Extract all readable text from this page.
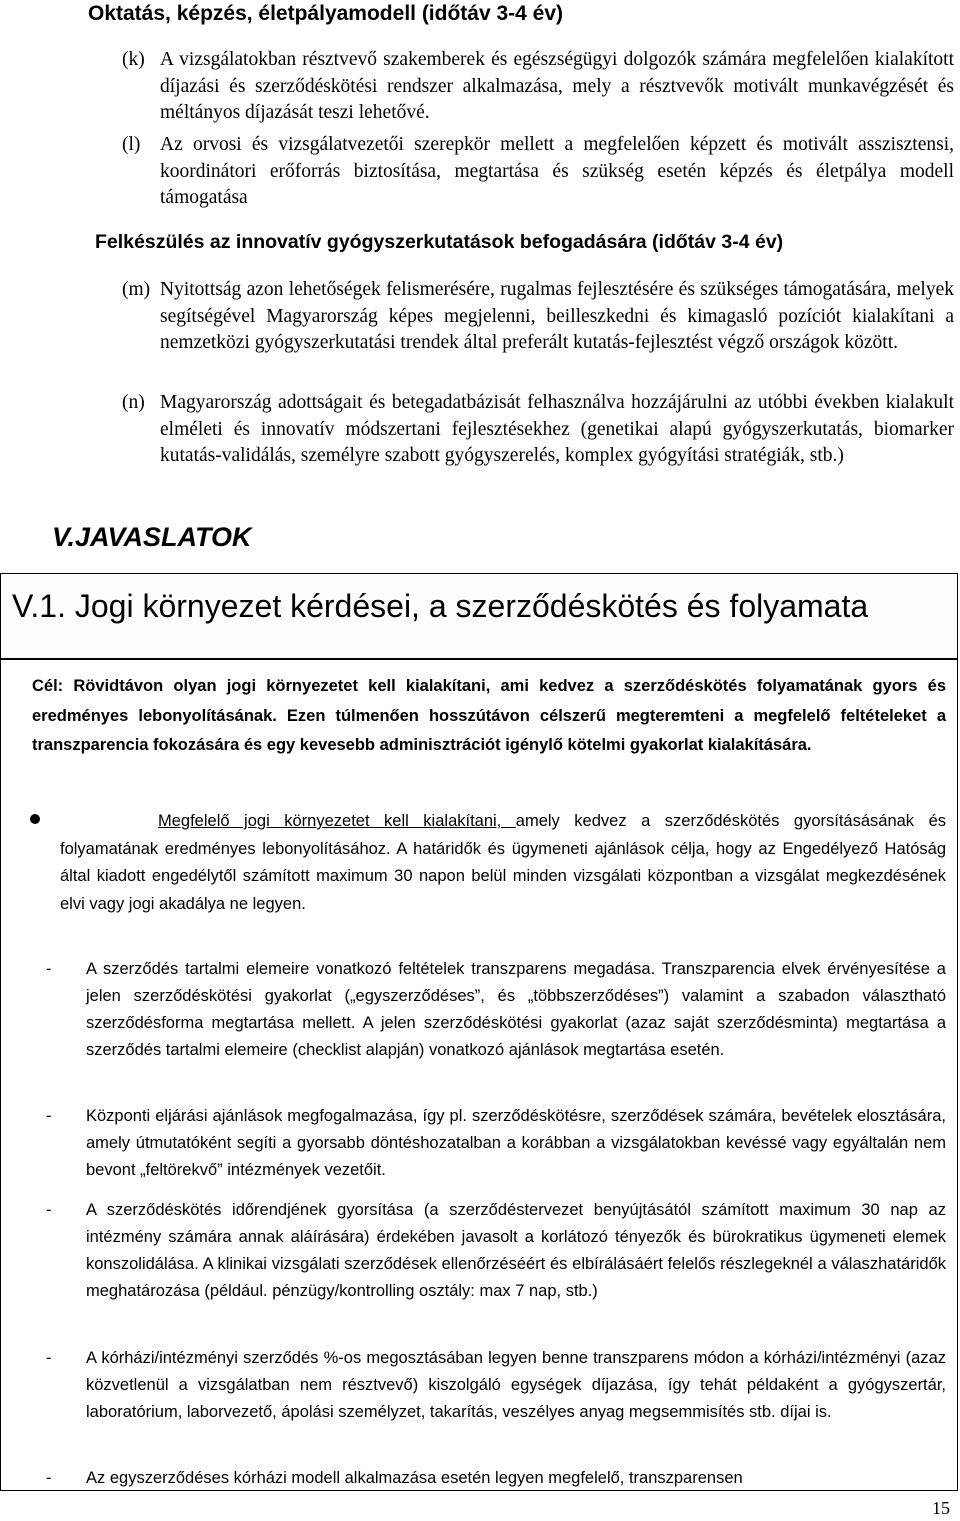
Oktatás, képzés, életpályamodell (időtáv 3-4 év)
(k) A vizsgálatokban résztvevő szakemberek és egészségügyi dolgozók számára megfelelően kialakított díjazási és szerződéskötési rendszer alkalmazása, mely a résztvevők motivált munkavégzését és méltányos díjazását teszi lehetővé.
(l) Az orvosi és vizsgálatvezetői szerepkör mellett a megfelelően képzett és motivált asszisztensi, koordinátori erőforrás biztosítása, megtartása és szükség esetén képzés és életpálya modell támogatása
Felkészülés az innovatív gyógyszerkutatások befogadására (időtáv 3-4 év)
(m) Nyitottság azon lehetőségek felismerésére, rugalmas fejlesztésére és szükséges támogatására, melyek segítségével Magyarország képes megjelenni, beilleszkedni és kimagasló pozíciót kialakítani a nemzetközi gyógyszerkutatási trendek által preferált kutatás-fejlesztést végző országok között.
(n) Magyarország adottságait és betegadatbázisát felhasználva hozzájárulni az utóbbi években kialakult elméleti és innovatív módszertani fejlesztésekhez (genetikai alapú gyógyszerkutatás, biomarker kutatás-validálás, személyre szabott gyógyszerelés, komplex gyógyítási stratégiák, stb.)
V.JAVASLATOK
V.1. Jogi környezet kérdései, a szerződéskötés és folyamata
Cél: Rövidtávon olyan jogi környezetet kell kialakítani, ami kedvez a szerződéskötés folyamatának gyors és eredményes lebonyolításának. Ezen túlmenően hosszútávon célszerű megteremteni a megfelelő feltételeket a transzparencia fokozására és egy kevesebb adminisztrációt igénylő kötelmi gyakorlat kialakítására.
Megfelelő jogi környezetet kell kialakítani, amely kedvez a szerződéskötés gyorsításásának és folyamatának eredményes lebonyolításához. A határidők és ügymeneti ajánlások célja, hogy az Engedélyező Hatóság által kiadott engedélytől számított maximum 30 napon belül minden vizsgálati központban a vizsgálat megkezdésének elvi vagy jogi akadálya ne legyen.
- A szerződés tartalmi elemeire vonatkozó feltételek transzparens megadása. Transzparencia elvek érvényesítése a jelen szerződéskötési gyakorlat („egyszerződéses”, és „többszerződéses”) valamint a szabadon választható szerződésforma megtartása mellett. A jelen szerződéskötési gyakorlat (azaz saját szerződésminta) megtartása a szerződés tartalmi elemeire (checklist alapján) vonatkozó ajánlások megtartása esetén.
- Központi eljárási ajánlások megfogalmazása, így pl. szerződéskötésre, szerződések számára, bevételek elosztására, amely útmutatóként segíti a gyorsabb döntéshozatalban a korábban a vizsgálatokban kevéssé vagy egyáltalán nem bevont „feltörekvő” intézmények vezetőit.
- A szerződéskötés időrendjének gyorsítása (a szerződéstervezet benyújtásától számított maximum 30 nap az intézmény számára annak aláírására) érdekében javasolt a korlátozó tényezők és bürokratikus ügymeneti elemek konszolidálása. A klinikai vizsgálati szerződések ellenőrzéséért és elbírálásáért felelős részlegeknél a válaszhatáridők meghatározása (például. pénzügy/kontrolling osztály: max 7 nap, stb.)
- A kórházi/intézményi szerződés %-os megosztásában legyen benne transzparens módon a kórházi/intézményi (azaz közvetlenül a vizsgálatban nem résztvevő) kiszolgáló egységek díjazása, így tehát példaként a gyógyszertár, laboratórium, laborvezető, ápolási személyzet, takarítás, veszélyes anyag megsemmisítés stb. díjai is.
- Az egyszerződéses kórházi modell alkalmazása esetén legyen megfelelő, transzparensen
15
